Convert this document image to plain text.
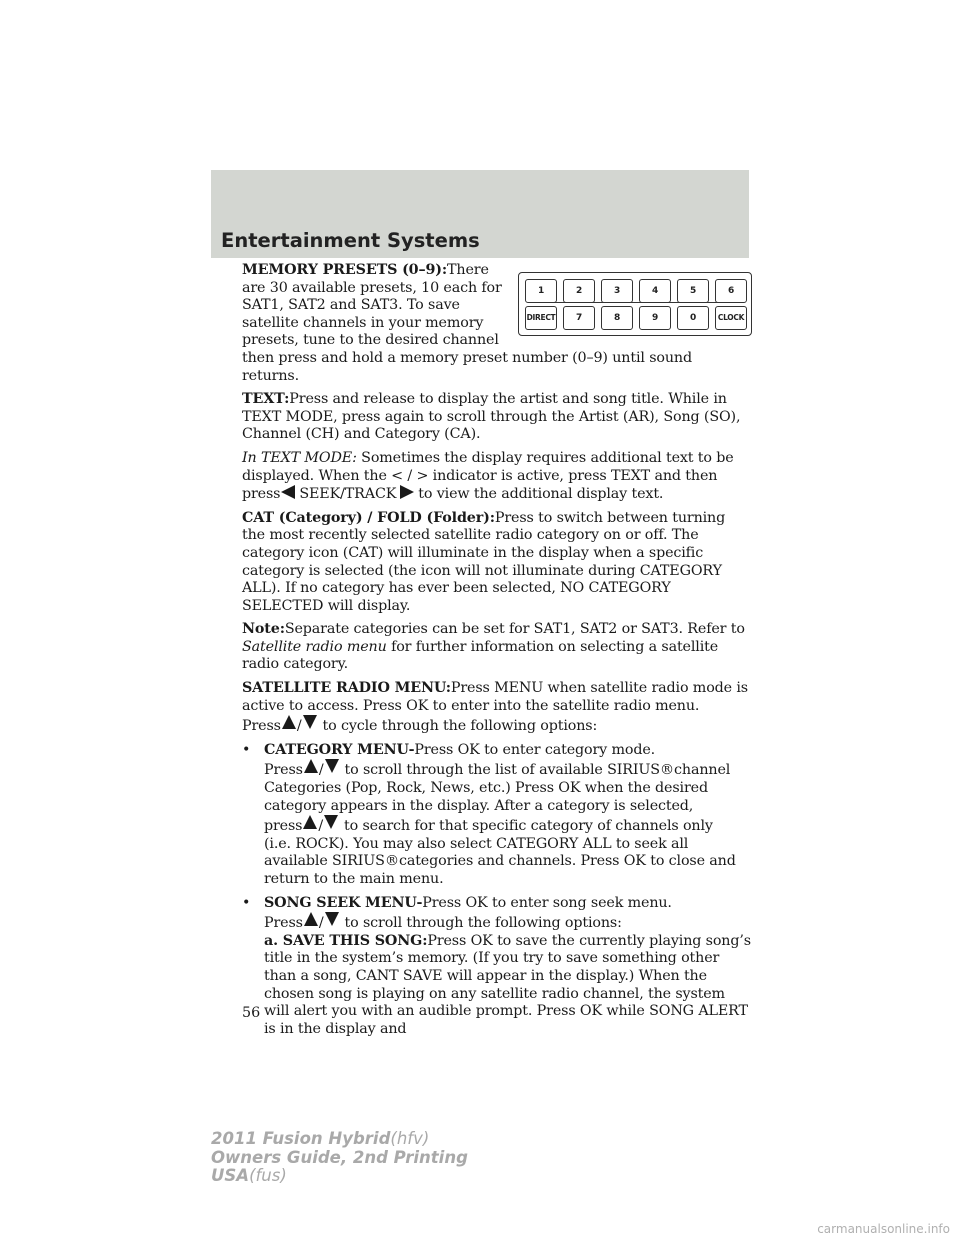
Entertainment Systems
1	2	3	4	5	6
DIRECT	7	8	9	0	CLOCK

MEMORY PRESETS (0–9):There are 30 available presets, 10 each for SAT1, SAT2 and SAT3. To save satellite channels in your memory presets, tune to the desired channel then press and hold a memory preset number (0–9) until sound returns.

TEXT:Press and release to display the artist and song title. While in TEXT MODE, press again to scroll through the Artist (AR), Song (SO), Channel (CH) and Category (CA).

In TEXT MODE: Sometimes the display requires additional text to be displayed. When the < / > indicator is active, press TEXT and then press SEEK/TRACK to view the additional display text.

CAT (Category) / FOLD (Folder):Press to switch between turning the most recently selected satellite radio category on or off. The category icon (CAT) will illuminate in the display when a specific category is selected (the icon will not illuminate during CATEGORY ALL). If no category has ever been selected, NO CATEGORY SELECTED will display.

Note:Separate categories can be set for SAT1, SAT2 or SAT3. Refer to Satellite radio menu for further information on selecting a satellite radio category.

SATELLITE RADIO MENU:Press MENU when satellite radio mode is active to access. Press OK to enter into the satellite radio menu.
Press / to cycle through the following options:

• CATEGORY MENU-Press OK to enter category mode.
Press / to scroll through the list of available SIRIUS®channel
Categories (Pop, Rock, News, etc.) Press OK when the desired category appears in the display. After a category is selected,
press / to search for that specific category of channels only
(i.e. ROCK). You may also select CATEGORY ALL to seek all available SIRIUS®categories and channels. Press OK to close and return to the main menu.
• SONG SEEK MENU-Press OK to enter song seek menu.
Press / to scroll through the following options:
a. SAVE THIS SONG:Press OK to save the currently playing song’s title in the system’s memory. (If you try to save something other than a song, CANT SAVE will appear in the display.) When the chosen song is playing on any satellite radio channel, the system will alert you with an audible prompt. Press OK while SONG ALERT is in the display and
56
2011 Fusion Hybrid(hfv)
Owners Guide, 2nd Printing
USA(fus)
carmanualsonline.info
